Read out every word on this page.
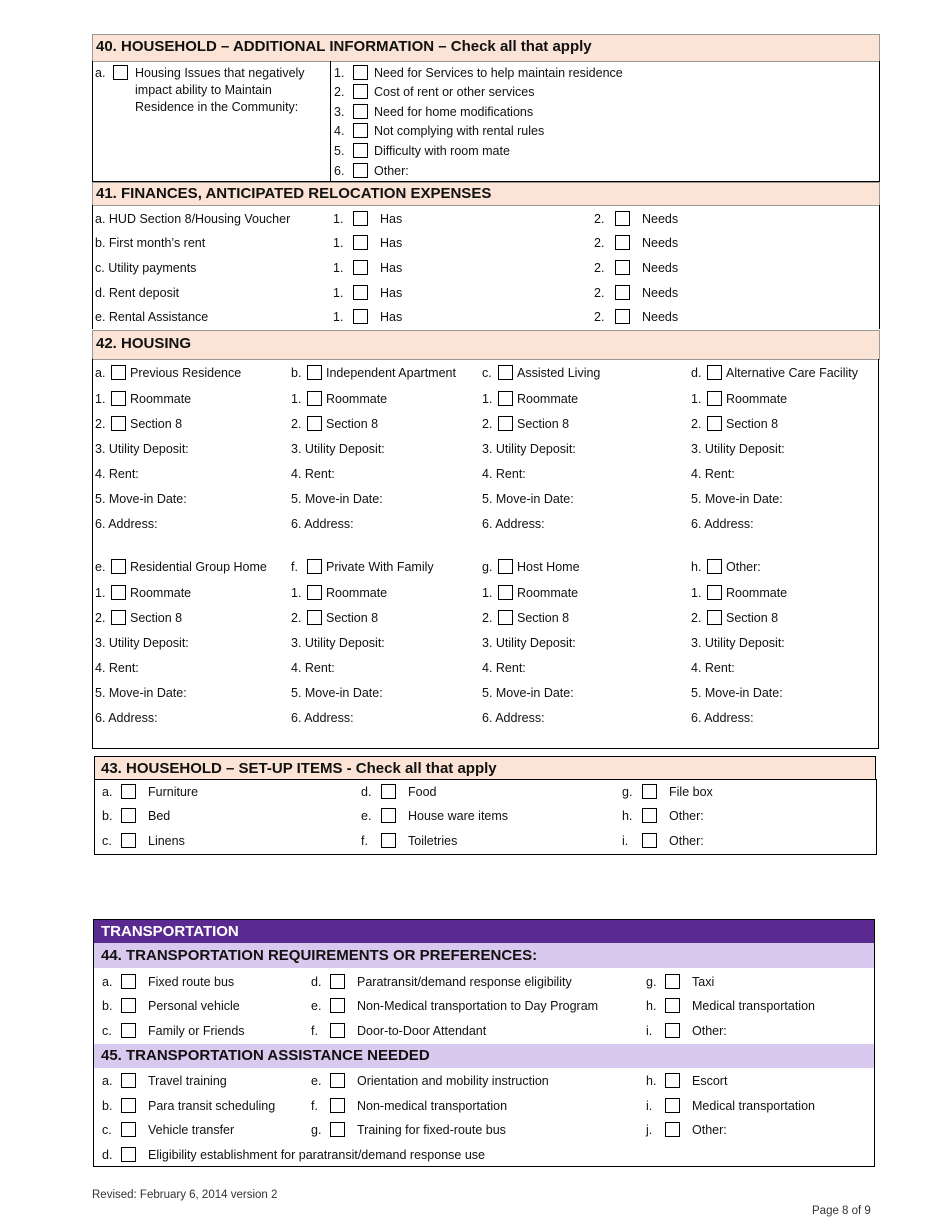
40. HOUSEHOLD – ADDITIONAL INFORMATION – Check all that apply
a. Housing Issues that negatively
impact ability to Maintain
Residence in the Community:
1. Need for Services to help maintain residence
2. Cost of rent or other services
3. Need for home modifications
4. Not complying with rental rules
5. Difficulty with room mate
6. Other:
41. FINANCES, ANTICIPATED RELOCATION EXPENSES
a. HUD Section 8/Housing Voucher	1.	Has	2.	Needs
b. First month’s rent	1.	Has	2.	Needs
c. Utility payments	1.	Has	2.	Needs
d. Rent deposit	1.	Has	2.	Needs
e. Rental Assistance	1.	Has	2.	Needs
42. HOUSING
a. Previous Residence
1. Roommate
2. Section 8
3. Utility Deposit:
4. Rent:
5. Move-in Date:
6. Address:
b. Independent Apartment
1. Roommate
2. Section 8
3. Utility Deposit:
4. Rent:
5. Move-in Date:
6. Address:
c. Assisted Living
1. Roommate
2. Section 8
3. Utility Deposit:
4. Rent:
5. Move-in Date:
6. Address:
d. Alternative Care Facility
1. Roommate
2. Section 8
3. Utility Deposit:
4. Rent:
5. Move-in Date:
6. Address:
e. Residential Group Home
1. Roommate
2. Section 8
3. Utility Deposit:
4. Rent:
5. Move-in Date:
6. Address:
f. Private With Family
1. Roommate
2. Section 8
3. Utility Deposit:
4. Rent:
5. Move-in Date:
6. Address:
g. Host Home
1. Roommate
2. Section 8
3. Utility Deposit:
4. Rent:
5. Move-in Date:
6. Address:
h. Other:
1. Roommate
2. Section 8
3. Utility Deposit:
4. Rent:
5. Move-in Date:
6. Address:
43. HOUSEHOLD – SET-UP ITEMS - Check all that apply
a.	Furniture
b.	Bed
c.	Linens
d.	Food
e.	House ware items
f.	Toiletries
g.	File box
h.	Other:
i.	Other:
TRANSPORTATION
44. TRANSPORTATION REQUIREMENTS OR PREFERENCES:
45. TRANSPORTATION ASSISTANCE NEEDED
a.	Fixed route bus
b.	Personal vehicle
c.	Family or Friends
d.	Paratransit/demand response eligibility
e.	Non-Medical transportation to Day Program
f.	Door-to-Door Attendant
g.	Taxi
h.	Medical transportation
i.	Other:
a.	Travel training
b.	Para transit scheduling
c.	Vehicle transfer
e.	Orientation and mobility instruction
f.	Non-medical transportation
g.	Training for fixed-route bus
h.	Escort
i.	Medical transportation
j.	Other:
d.	Eligibility establishment for paratransit/demand response use
Revised: February 6, 2014 version 2
Page 8 of 9
